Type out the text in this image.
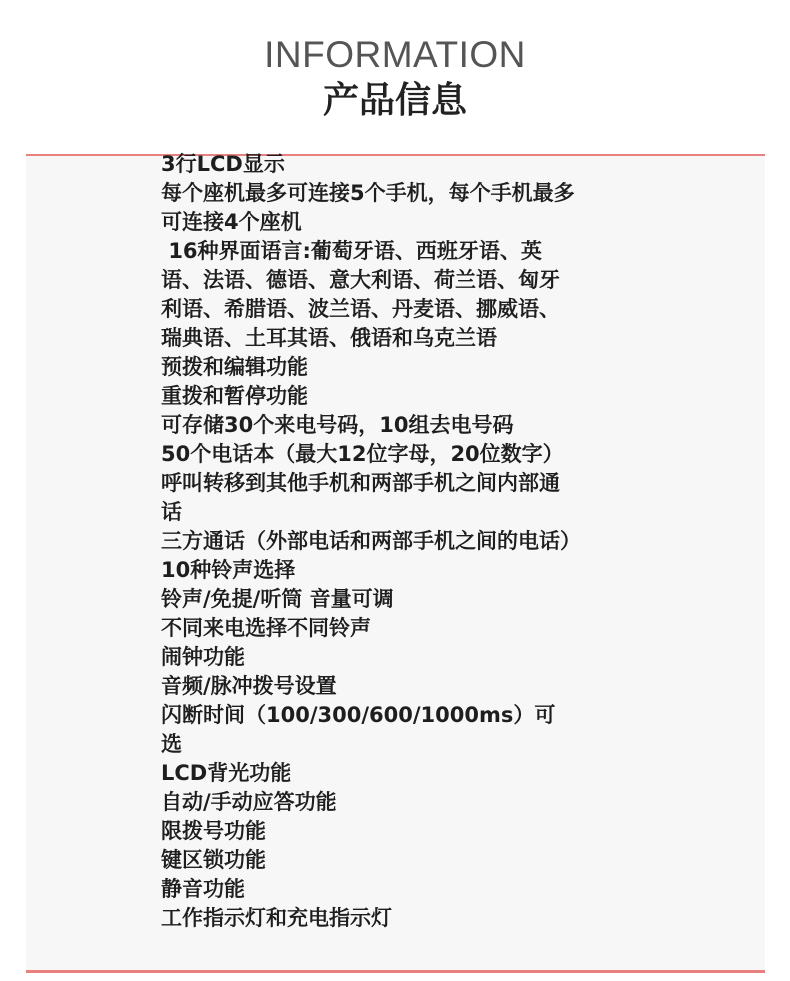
INFORMATION
产品信息
3行LCD显示
每个座机最多可连接5个手机，每个手机最多可连接4个座机
16种界面语言:葡萄牙语、西班牙语、英语、法语、德语、意大利语、荷兰语、匈牙利语、希腊语、波兰语、丹麦语、挪威语、瑞典语、土耳其语、俄语和乌克兰语
预拨和编辑功能
重拨和暂停功能
可存储30个来电号码，10组去电号码
50个电话本（最大12位字母，20位数字）
呼叫转移到其他手机和两部手机之间内部通话
三方通话（外部电话和两部手机之间的电话）
10种铃声选择
铃声/免提/听筒 音量可调
不同来电选择不同铃声
闹钟功能
音频/脉冲拨号设置
闪断时间（100/300/600/1000ms）可选
LCD背光功能
自动/手动应答功能
限拨号功能
键区锁功能
静音功能
工作指示灯和充电指示灯
